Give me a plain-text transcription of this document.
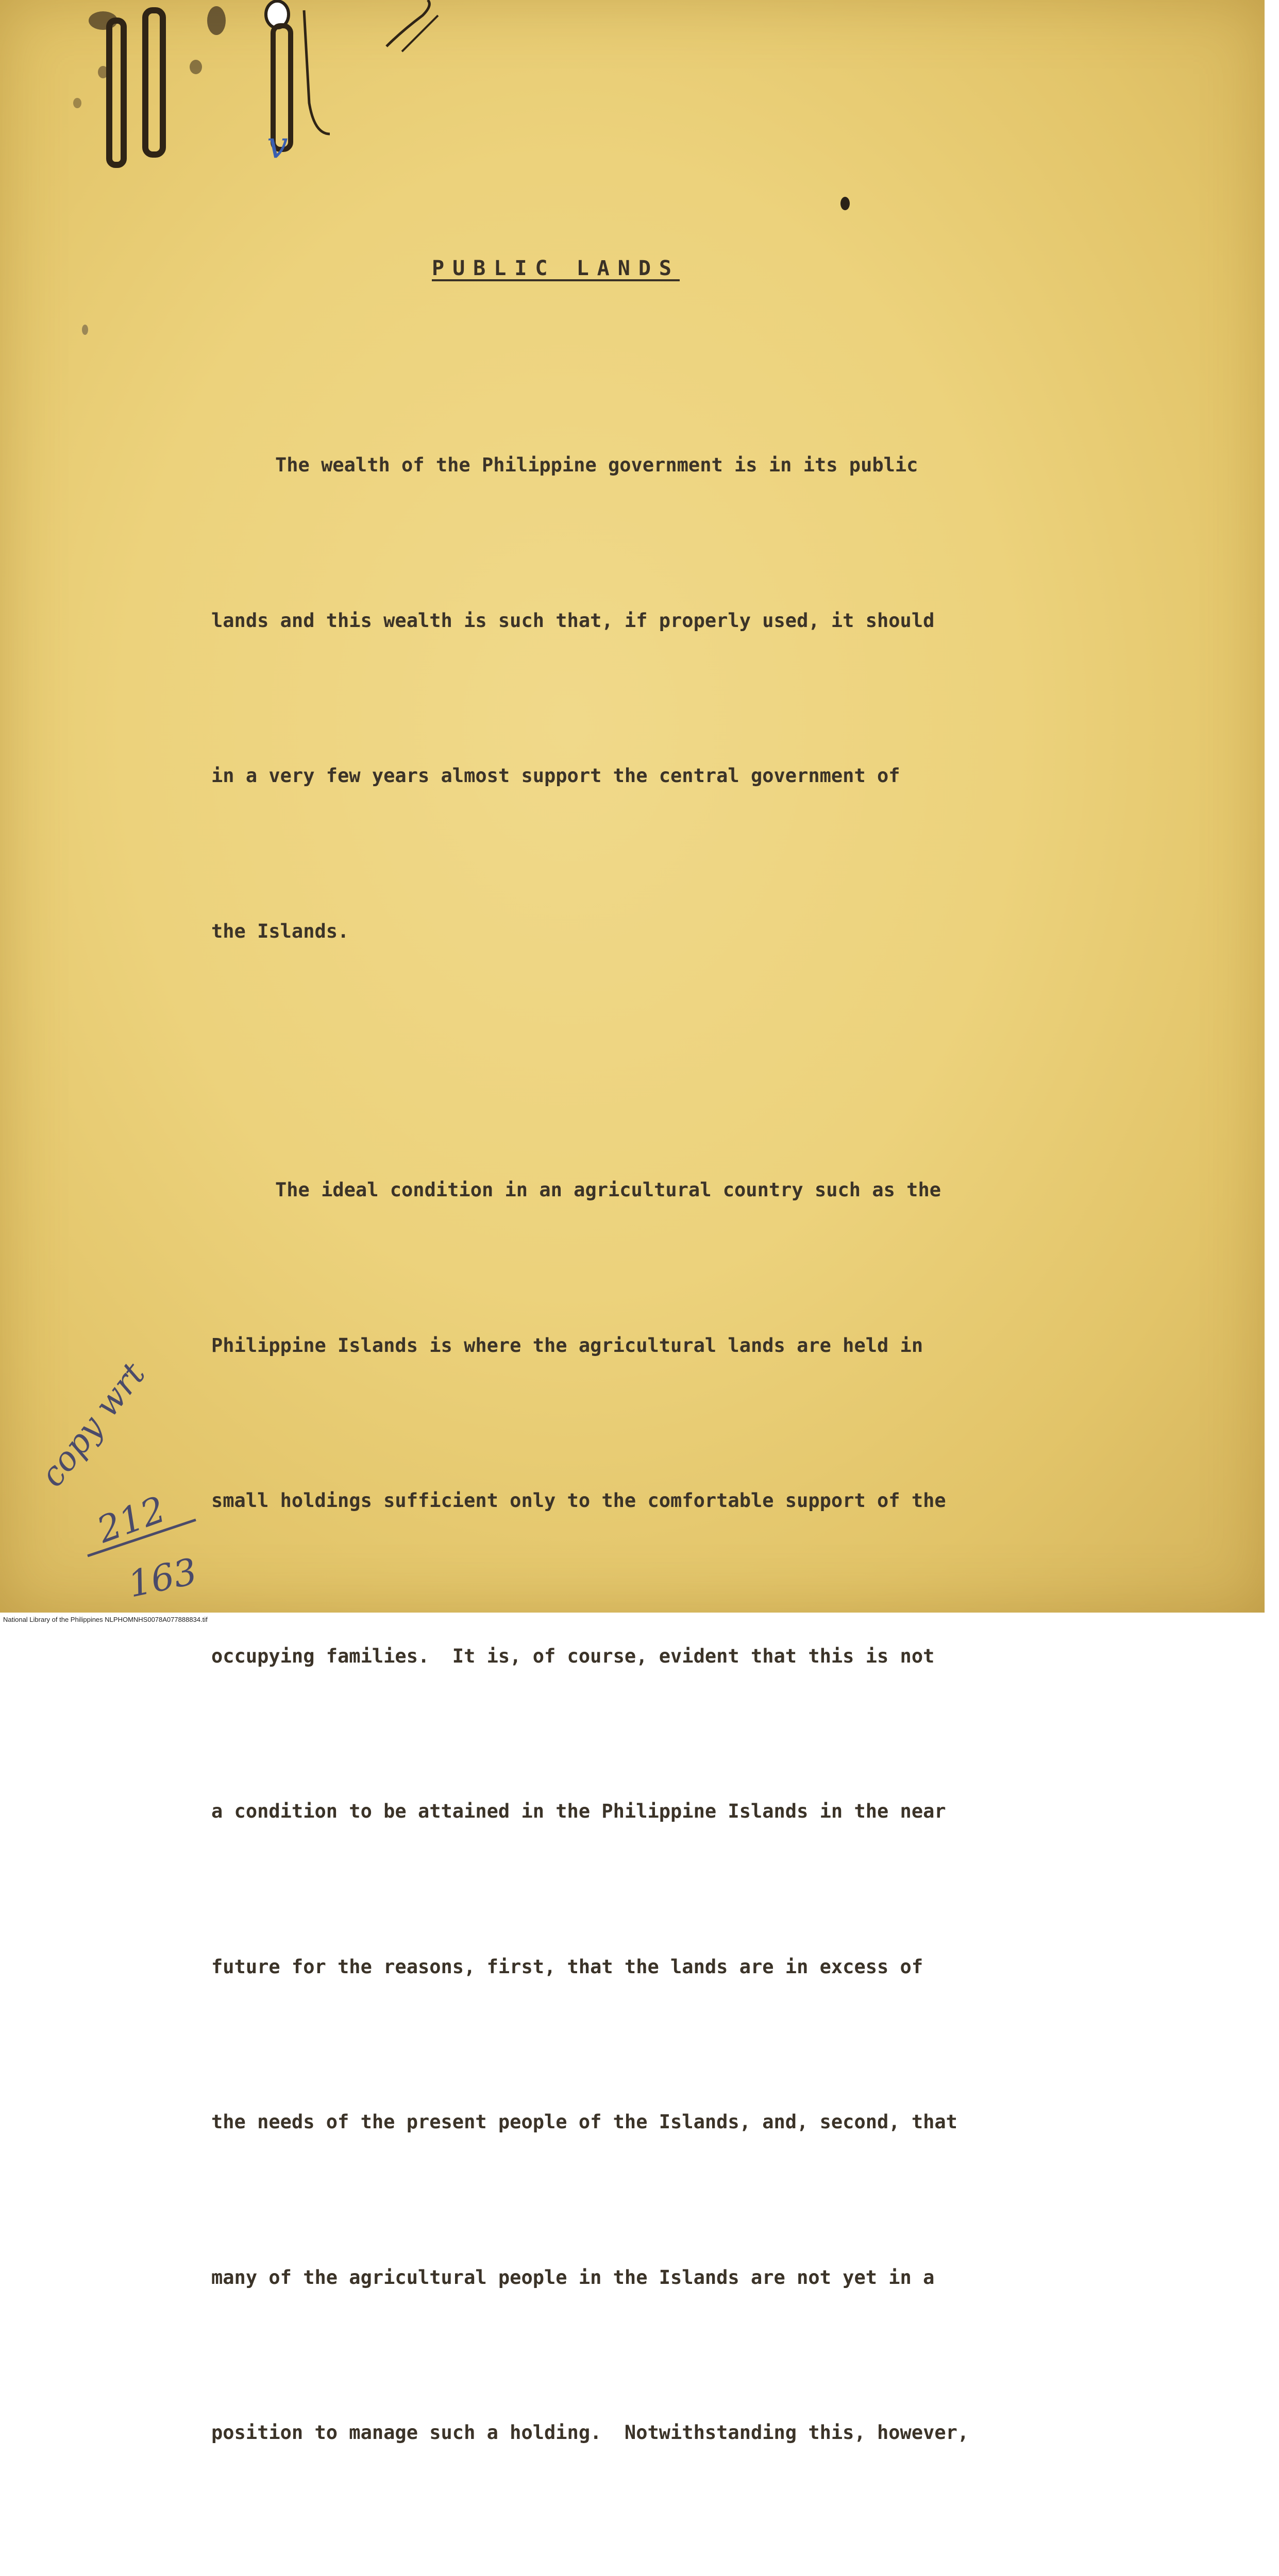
v
copy wrt
212
163
PUBLIC LANDS

The wealth of the Philippine government is in its public

lands and this wealth is such that, if properly used, it should

in a very few years almost support the central government of

the Islands.

The ideal condition in an agricultural country such as the

Philippine Islands is where the agricultural lands are held in

small holdings sufficient only to the comfortable support of the

occupying families.  It is, of course, evident that this is not

a condition to be attained in the Philippine Islands in the near

future for the reasons, first, that the lands are in excess of

the needs of the present people of the Islands, and, second, that

many of the agricultural people in the Islands are not yet in a

position to manage such a holding.  Notwithstanding this, however,

National Library of the Philippines NLPHOMNHS0078A077888834.tif
